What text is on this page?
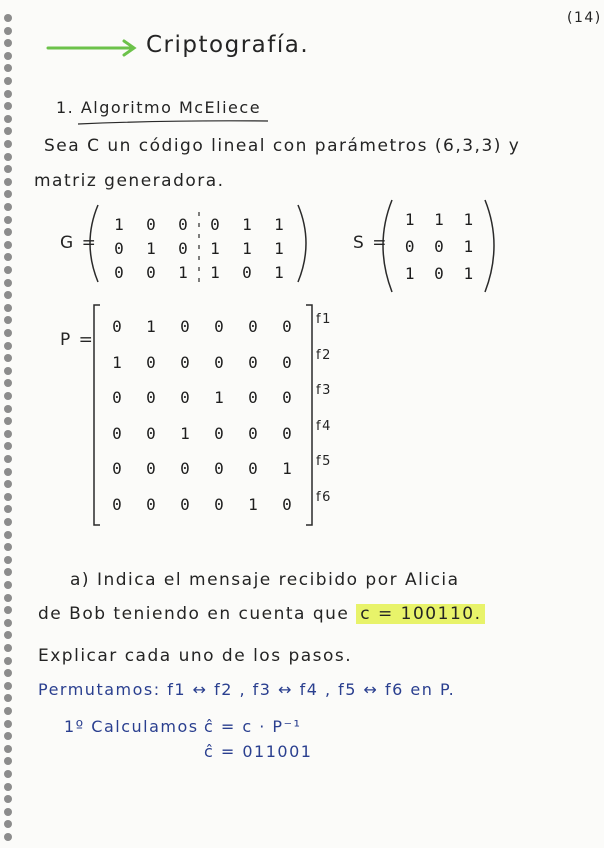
(14)
Criptografía.
1. Algoritmo McEliece
Sea C un código lineal con parámetros (6,3,3) y
matriz generadora.
G =
1	0	0	0	1	1
0	1	0	1	1	1
0	0	1	1	0	1
S =
1	1	1
0	0	1
1	0	1
P =
0	1	0	0	0	0
1	0	0	0	0	0
0	0	0	1	0	0
0	0	1	0	0	0
0	0	0	0	0	1
0	0	0	0	1	0
f1
f2
f3
f4
f5
f6
a) Indica el mensaje recibido por Alicia
de Bob teniendo en cuenta que c = 100110.
Explicar cada uno de los pasos.
Permutamos: f1 ↔ f2 , f3 ↔ f4 , f5 ↔ f6 en P.
1º Calculamos ĉ = c · P⁻¹
ĉ = 011001
